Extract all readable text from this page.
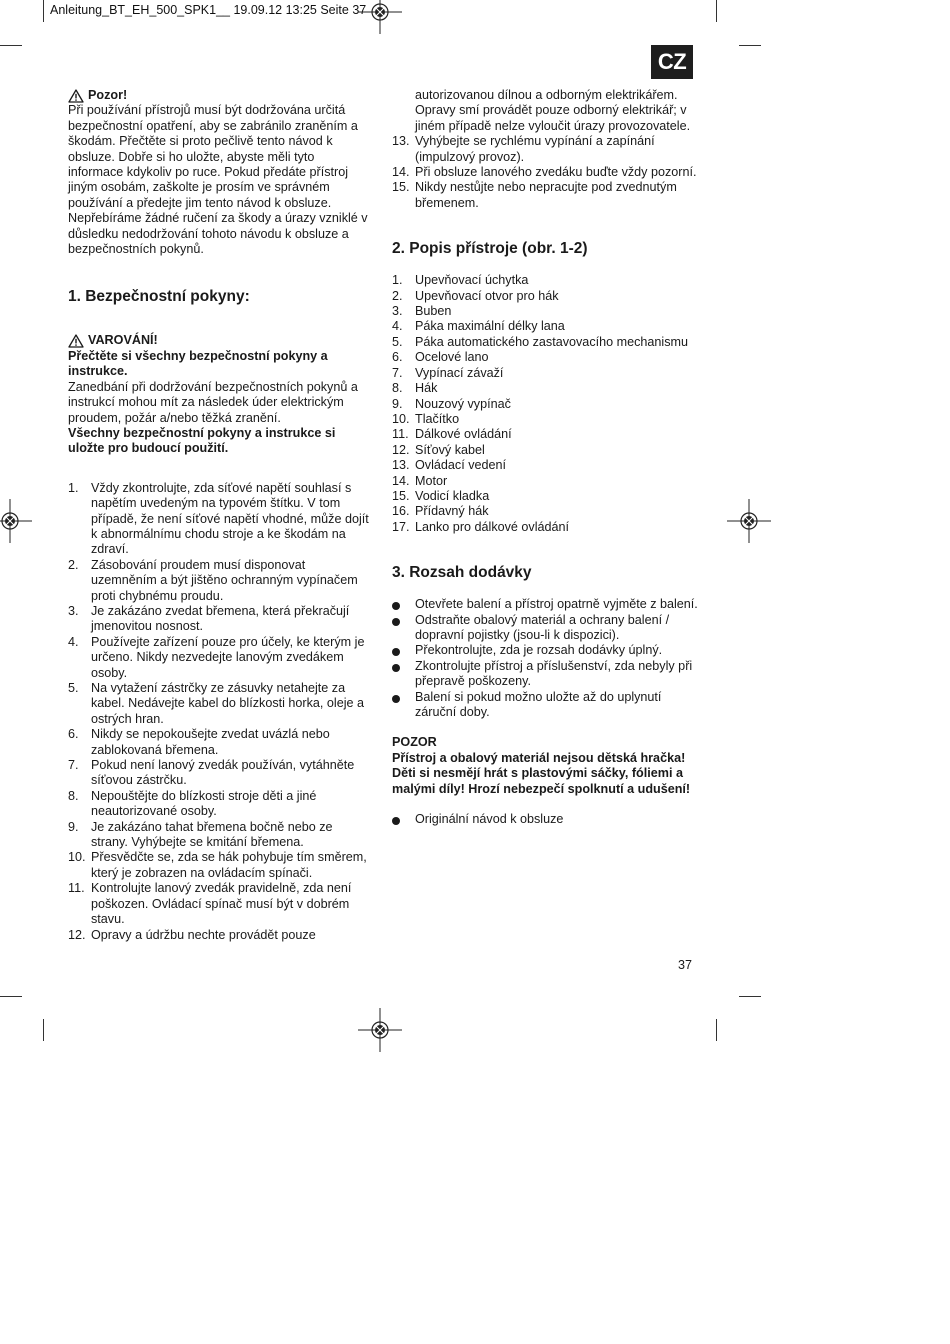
Anleitung_BT_EH_500_SPK1__ 19.09.12 13:25 Seite 37
CZ
Pozor!

Při používání přístrojů musí být dodržována určitá bezpečnostní opatření, aby se zabránilo zraněním a škodám. Přečtěte si proto pečlivě tento návod k obsluze. Dobře si ho uložte, abyste měli tyto informace kdykoliv po ruce. Pokud předáte přístroj jiným osobám, zaškolte je prosím ve správném používání a předejte jim tento návod k obsluze. Nepřebíráme žádné ručení za škody a úrazy vzniklé v důsledku nedodržování tohoto návodu k obsluze a bezpečnostních pokynů.

1. Bezpečnostní pokyny:
VAROVÁNÍ!

Přečtěte si všechny bezpečnostní pokyny a instrukce.

Zanedbání při dodržování bezpečnostních pokynů a instrukcí mohou mít za následek úder elektrickým proudem, požár a/nebo těžká zranění.

Všechny bezpečnostní pokyny a instrukce si uložte pro budoucí použití.

1. Vždy zkontrolujte, zda síťové napětí souhlasí s napětím uvedeným na typovém štítku. V tom případě, že není síťové napětí vhodné, může dojít k abnormálnímu chodu stroje a ke škodám na zdraví.
2. Zásobování proudem musí disponovat uzemněním a být jištěno ochranným vypínačem proti chybnému proudu.
3. Je zakázáno zvedat břemena, která překračují jmenovitou nosnost.
4. Používejte zařízení pouze pro účely, ke kterým je určeno. Nikdy nezvedejte lanovým zvedákem osoby.
5. Na vytažení zástrčky ze zásuvky netahejte za kabel. Nedávejte kabel do blízkosti horka, oleje a ostrých hran.
6. Nikdy se nepokoušejte zvedat uvázlá nebo zablokovaná břemena.
7. Pokud není lanový zvedák používán, vytáhněte síťovou zástrčku.
8. Nepouštějte do blízkosti stroje děti a jiné neautorizované osoby.
9. Je zakázáno tahat břemena bočně nebo ze strany. Vyhýbejte se kmitání břemena.
10. Přesvědčte se, zda se hák pohybuje tím směrem, který je zobrazen na ovládacím spínači.
11. Kontrolujte lanový zvedák pravidelně, zda není poškozen. Ovládací spínač musí být v dobrém stavu.
12. Opravy a údržbu nechte provádět pouze
autorizovanou dílnou a odborným elektrikářem. Opravy smí provádět pouze odborný elektrikář; v jiném případě nelze vyloučit úrazy provozovatele.
13. Vyhýbejte se rychlému vypínání a zapínání (impulzový provoz).
14. Při obsluze lanového zvedáku buďte vždy pozorní.
15. Nikdy nestůjte nebo nepracujte pod zvednutým břemenem.
2. Popis přístroje (obr. 1-2)
1. Upevňovací úchytka
2. Upevňovací otvor pro hák
3. Buben
4. Páka maximální délky lana
5. Páka automatického zastavovacího mechanismu
6. Ocelové lano
7. Vypínací závaží
8. Hák
9. Nouzový vypínač
10. Tlačítko
11. Dálkové ovládání
12. Síťový kabel
13. Ovládací vedení
14. Motor
15. Vodicí kladka
16. Přídavný hák
17. Lanko pro dálkové ovládání
3. Rozsah dodávky
Otevřete balení a přístroj opatrně vyjměte z balení.
Odstraňte obalový materiál a ochrany balení / dopravní pojistky (jsou-li k dispozici).
Překontrolujte, zda je rozsah dodávky úplný.
Zkontrolujte přístroj a příslušenství, zda nebyly při přepravě poškozeny.
Balení si pokud možno uložte až do uplynutí záruční doby.

POZOR

Přístroj a obalový materiál nejsou dětská hračka! Děti si nesmějí hrát s plastovými sáčky, fóliemi a malými díly! Hrozí nebezpečí spolknutí a udušení!

Originální návod k obsluze
37
